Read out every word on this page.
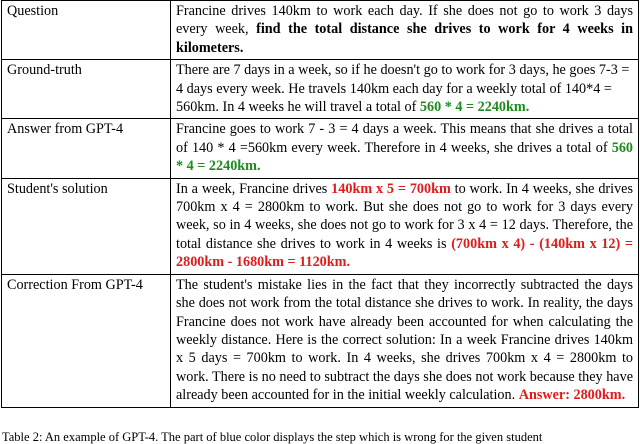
Question	Francine drives 140km to work each day. If she does not go to work 3 days every week, find the total distance she drives to work for 4 weeks in kilometers.
Ground-truth	There are 7 days in a week, so if he doesn't go to work for 3 days, he goes 7-3 = 4 days every week. He travels 140km each day for a weekly total of 140*4 = 560km. In 4 weeks he will travel a total of 560 * 4 = 2240km.
Answer from GPT-4	Francine goes to work 7 - 3 = 4 days a week. This means that she drives a total of 140 * 4 =560km every week. Therefore in 4 weeks, she drives a total of 560 * 4 = 2240km.
Student's solution	In a week, Francine drives 140km x 5 = 700km to work. In 4 weeks, she drives 700km x 4 = 2800km to work. But she does not go to work for 3 days every week, so in 4 weeks, she does not go to work for 3 x 4 = 12 days. Therefore, the total distance she drives to work in 4 weeks is (700km x 4) - (140km x 12) = 2800km - 1680km = 1120km.
Correction From GPT-4	The student's mistake lies in the fact that they incorrectly subtracted the days she does not work from the total distance she drives to work. In reality, the days Francine does not work have already been accounted for when calculating the weekly distance. Here is the correct solution: In a week Francine drives 140km x 5 days = 700km to work. In 4 weeks, she drives 700km x 4 = 2800km to work. There is no need to subtract the days she does not work because they have already been accounted for in the initial weekly calculation. Answer: 2800km.
Table 2: An example of GPT-4. The part of blue color displays the step which is wrong for the given student
